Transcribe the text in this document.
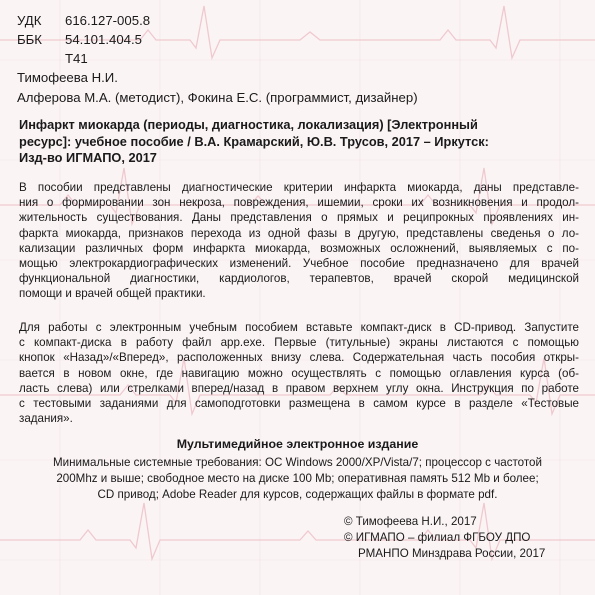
УДК 616.127-005.8
ББК 54.101.404.5
Т41
Тимофеева Н.И.
Алферова М.А. (методист), Фокина Е.С. (программист, дизайнер)
Инфаркт миокарда (периоды, диагностика, локализация) [Электронный
ресурс]: учебное пособие / В.А. Крамарский, Ю.В. Трусов, 2017 – Иркутск:
Изд-во ИГМАПО, 2017
В пособии представлены диагностические критерии инфаркта миокарда, даны представле-
ния о формировании зон некроза, повреждения, ишемии, сроки их возникновения и продол-
жительность существования. Даны представления о прямых и реципрокных проявлениях ин-
фаркта миокарда, признаков перехода из одной фазы в другую, представлены сведенья о ло-
кализации различных форм инфаркта миокарда, возможных осложнений, выявляемых с по-
мощью электрокардиографических изменений. Учебное пособие предназначено для врачей
функциональной диагностики, кардиологов, терапевтов, врачей скорой медицинской
помощи и врачей общей практики.
Для работы с электронным учебным пособием вставьте компакт-диск в CD-привод. Запустите
с компакт-диска в работу файл app.exe. Первые (титульные) экраны листаются с помощью
кнопок «Назад»/«Вперед», расположенных внизу слева. Содержательная часть пособия откры-
вается в новом окне, где навигацию можно осуществлять с помощью оглавления курса (об-
ласть слева) или стрелками вперед/назад в правом верхнем углу окна. Инструкция по работе
с тестовыми заданиями для самоподготовки размещена в самом курсе в разделе «Тестовые
задания».
Мультимедийное электронное издание
Минимальные системные требования: ОС Windows 2000/XP/Vista/7; процессор с частотой
200Mhz и выше; свободное место на диске 100 Mb; оперативная память 512 Mb и более;
CD привод; Adobe Reader для курсов, содержащих файлы в формате pdf.
© Тимофеева Н.И., 2017
© ИГМАПО – филиал ФГБОУ ДПО
РМАНПО Минздрава России, 2017
